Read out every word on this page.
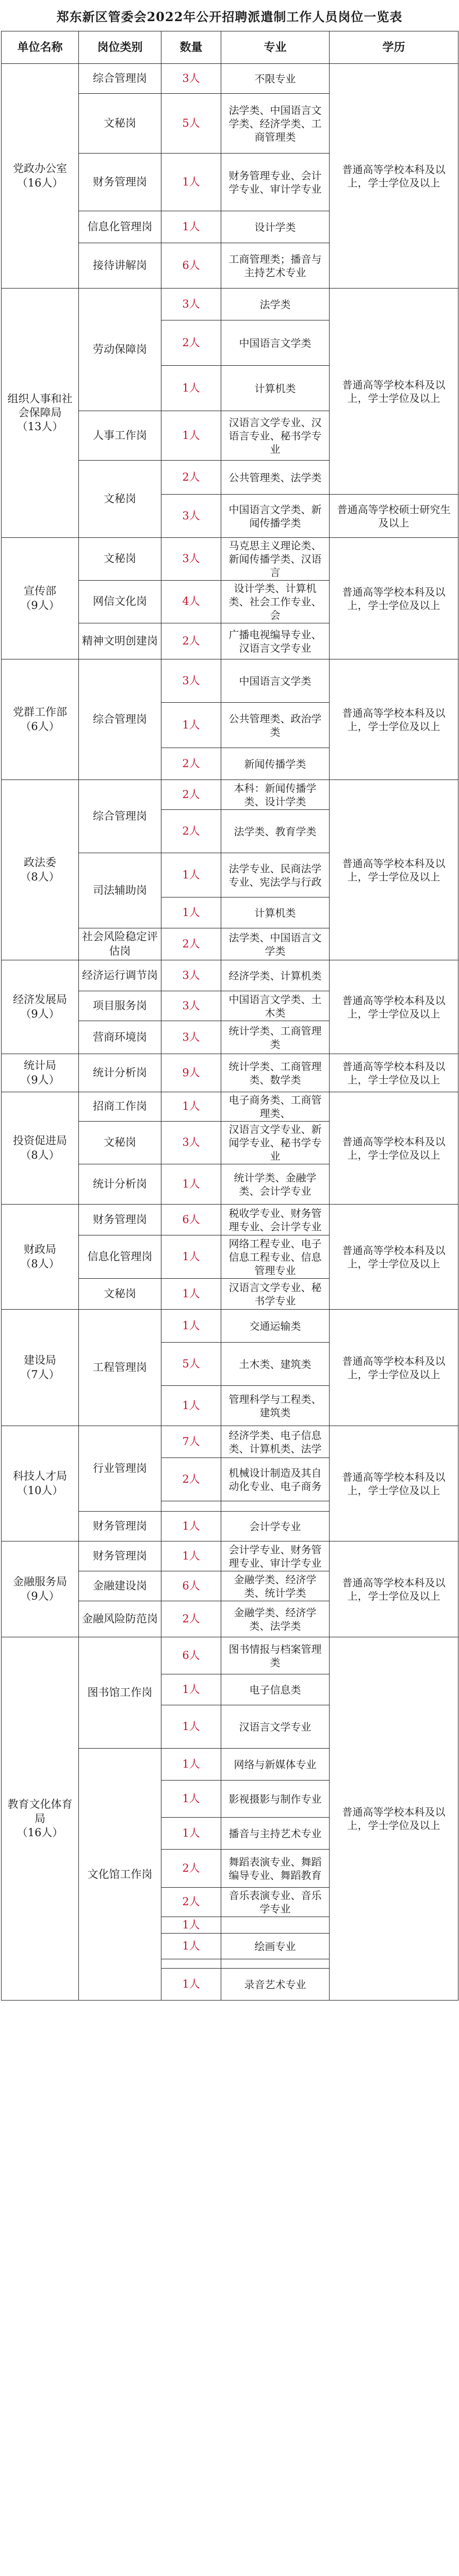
郑东新区管委会2022年公开招聘派遣制工作人员岗位一览表
单位名称	岗位类别	数量	专业	学历
党政办公室
（16人）	综合管理岗	3人	不限专业	普通高等学校本科及以上，学士学位及以上
	文秘岗	5人	法学类、中国语言文学类、经济学类、工商管理类	
	财务管理岗	1人	财务管理专业、会计学专业、审计学专业	
	信息化管理岗	1人	设计学类	
	接待讲解岗	6人	工商管理类；播音与主持艺术专业	
组织人事和社会保障局
（13人）	劳动保障岗	3人	法学类	普通高等学校本科及以上，学士学位及以上
		2人	中国语言文学类	
		1人	计算机类	
	人事工作岗	1人	汉语言文学专业、汉语言专业、秘书学专业	
	文秘岗	2人	公共管理类、法学类	
		3人	中国语言文学类、新闻传播学类	普通高等学校硕士研究生及以上
宣传部
（9人）	文秘岗	3人	马克思主义理论类、新闻传播学类、汉语言	普通高等学校本科及以上，学士学位及以上
	网信文化岗	4人	设计学类、计算机类、社会工作专业、会	
	精神文明创建岗	2人	广播电视编导专业、汉语言文学专业	
党群工作部
（6人）	综合管理岗	3人	中国语言文学类	普通高等学校本科及以上，学士学位及以上
		1人	公共管理类、政治学类	
		2人	新闻传播学类	
政法委
（8人）	综合管理岗	2人	本科：新闻传播学类、设计学类	普通高等学校本科及以上，学士学位及以上
		2人	法学类、教育学类	
	司法辅助岗	1人	法学专业、民商法学专业、宪法学与行政	
		1人	计算机类	
	社会风险稳定评估岗	2人	法学类、中国语言文学类	
经济发展局
（9人）	经济运行调节岗	3人	经济学类、计算机类	普通高等学校本科及以上，学士学位及以上
	项目服务岗	3人	中国语言文学类、土木类	
	营商环境岗	3人	统计学类、工商管理类	
统计局
（9人）	统计分析岗	9人	统计学类、工商管理类、数学类	普通高等学校本科及以上，学士学位及以上
投资促进局
（8人）	招商工作岗	1人	电子商务类、工商管理类、	普通高等学校本科及以上，学士学位及以上
	文秘岗	3人	汉语言文学专业、新闻学专业、秘书学专业	
	统计分析岗	1人	统计学类、金融学类、会计学专业	
财政局
（8人）	财务管理岗	6人	税收学专业、财务管理专业、会计学专业	普通高等学校本科及以上，学士学位及以上
	信息化管理岗	1人	网络工程专业、电子信息工程专业、信息管理专业	
	文秘岗	1人	汉语言文学专业、秘书学专业	
建设局
（7人）	工程管理岗	1人	交通运输类	普通高等学校本科及以上，学士学位及以上
		5人	土木类、建筑类	
		1人	管理科学与工程类、建筑类	
科技人才局
（10人）	行业管理岗	7人	经济学类、电子信息类、计算机类、法学	普通高等学校本科及以上，学士学位及以上
		2人	机械设计制造及其自动化专业、电子商务	

	财务管理岗	1人	会计学专业	
金融服务局
（9人）	财务管理岗	1人	会计学专业、财务管理专业、审计学专业	普通高等学校本科及以上，学士学位及以上
	金融建设岗	6人	金融学类、经济学类、统计学类	
	金融风险防范岗	2人	金融学类、经济学类、法学类	
教育文化体育局
（16人）	图书馆工作岗	6人	图书情报与档案管理类	普通高等学校本科及以上，学士学位及以上
		1人	电子信息类	
		1人	汉语言文学专业	
	文化馆工作岗	1人	网络与新媒体专业	
		1人	影视摄影与制作专业	
		1人	播音与主持艺术专业	
		2人	舞蹈表演专业、舞蹈编导专业、舞蹈教育	
		2人	音乐表演专业、音乐学专业	
		1人		
		1人	绘画专业	

		1人	录音艺术专业	
